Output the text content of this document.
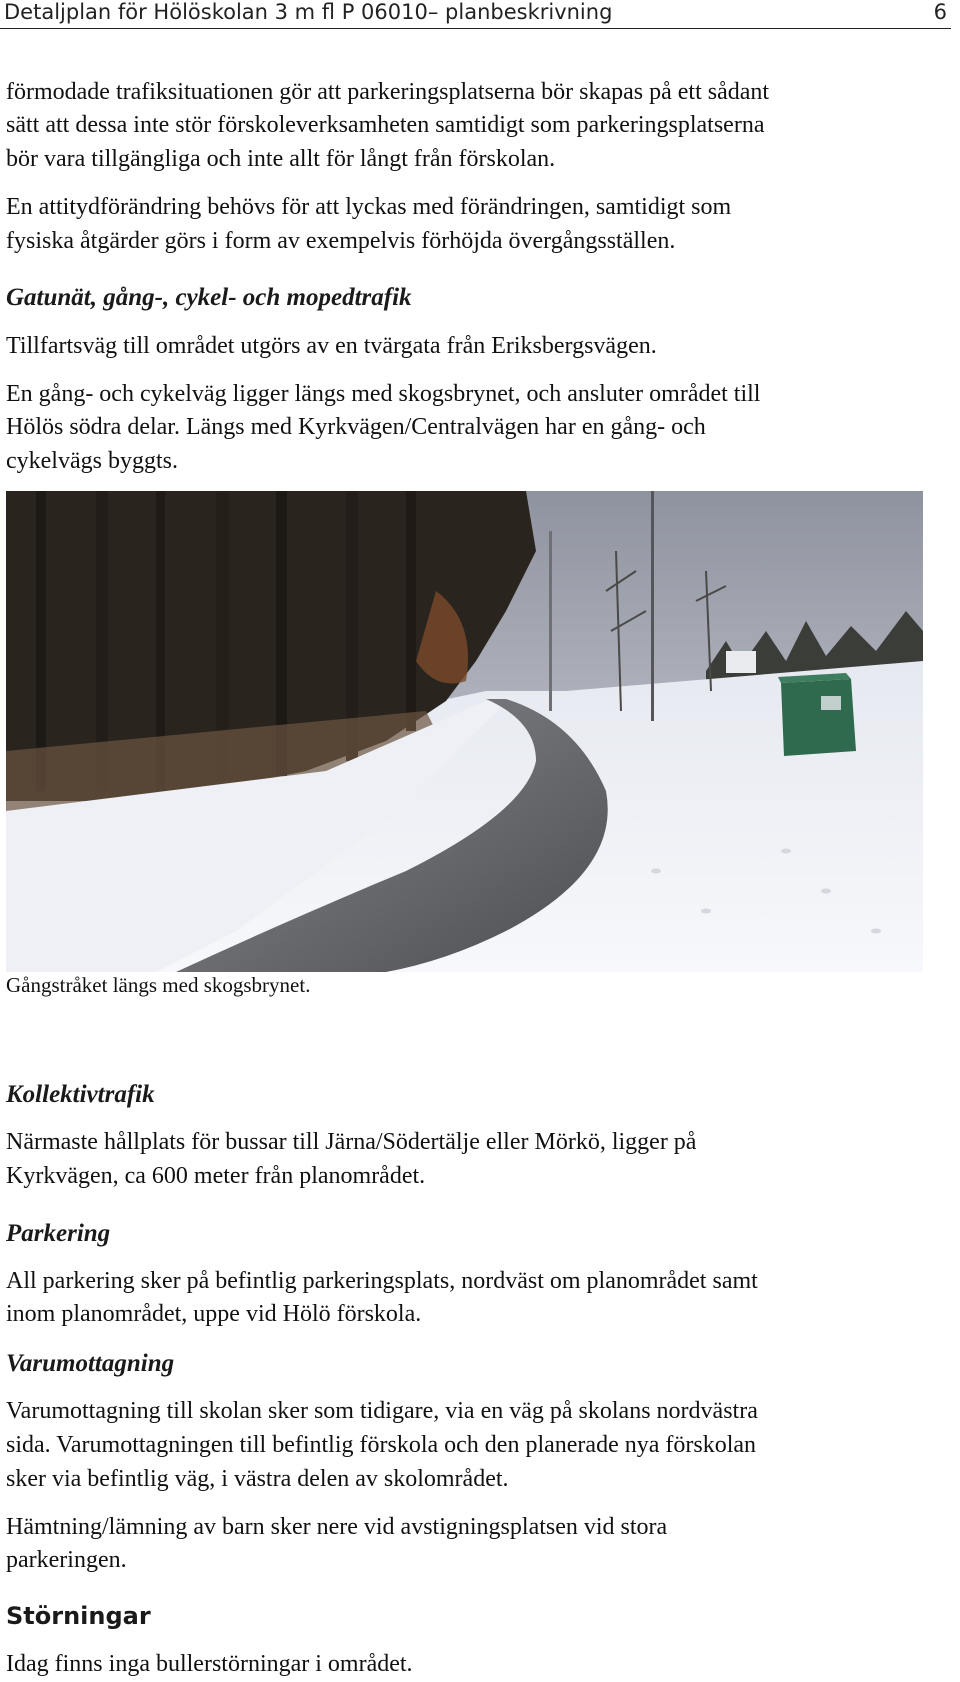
Detaljplan för Hölöskolan 3 m fl P 06010– planbeskrivning	6

förmodade trafiksituationen gör att parkeringsplatserna bör skapas på ett sådant

sätt att dessa inte stör förskoleverksamheten samtidigt som parkeringsplatserna

bör vara tillgängliga och inte allt för långt från förskolan.

En attitydförändring behövs för att lyckas med förändringen, samtidigt som

fysiska åtgärder görs i form av exempelvis förhöjda övergångsställen.

Gatunät, gång-, cykel- och mopedtrafik

Tillfartsväg till området utgörs av en tvärgata från Eriksbergsvägen.

En gång- och cykelväg ligger längs med skogsbrynet, och ansluter området till

Hölös södra delar. Längs med Kyrkvägen/Centralvägen har en gång- och

cykelvägs byggts.

Gångstråket längs med skogsbrynet.

Kollektivtrafik

Närmaste hållplats för bussar till Järna/Södertälje eller Mörkö, ligger på

Kyrkvägen, ca 600 meter från planområdet.

Parkering

All parkering sker på befintlig parkeringsplats, nordväst om planområdet samt

inom planområdet, uppe vid Hölö förskola.

Varumottagning

Varumottagning till skolan sker som tidigare, via en väg på skolans nordvästra

sida. Varumottagningen till befintlig förskola och den planerade nya förskolan

sker via befintlig väg, i västra delen av skolområdet.

Hämtning/lämning av barn sker nere vid avstigningsplatsen vid stora

parkeringen.

Störningar

Idag finns inga bullerstörningar i området.
